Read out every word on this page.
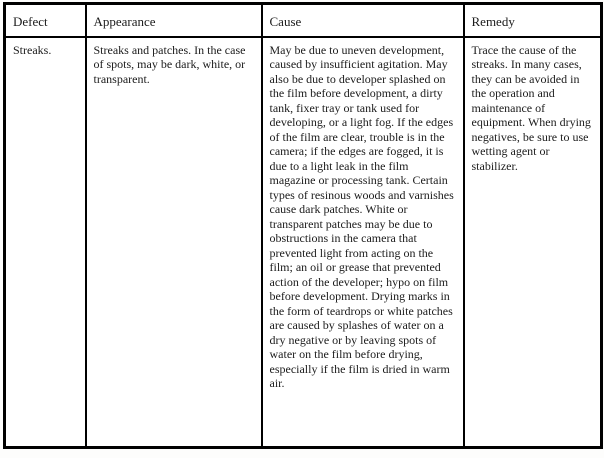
Defect	Appearance	Cause	Remedy
Streaks.	Streaks and patches. In the case of spots, may be dark, white, or transparent.	May be due to uneven development, caused by insufficient agitation. May also be due to developer splashed on the film before development, a dirty tank, fixer tray or tank used for developing, or a light fog. If the edges of the film are clear, trouble is in the camera; if the edges are fogged, it is due to a light leak in the film magazine or processing tank. Certain types of resinous woods and varnishes cause dark patches. White or transparent patches may be due to obstructions in the camera that prevented light from acting on the film; an oil or grease that prevented action of the developer; hypo on film before development. Drying marks in the form of teardrops or white patches are caused by splashes of water on a dry negative or by leaving spots of water on the film before drying, especially if the film is dried in warm air.	Trace the cause of the streaks. In many cases, they can be avoided in the operation and maintenance of equipment. When drying negatives, be sure to use wetting agent or stabilizer.
